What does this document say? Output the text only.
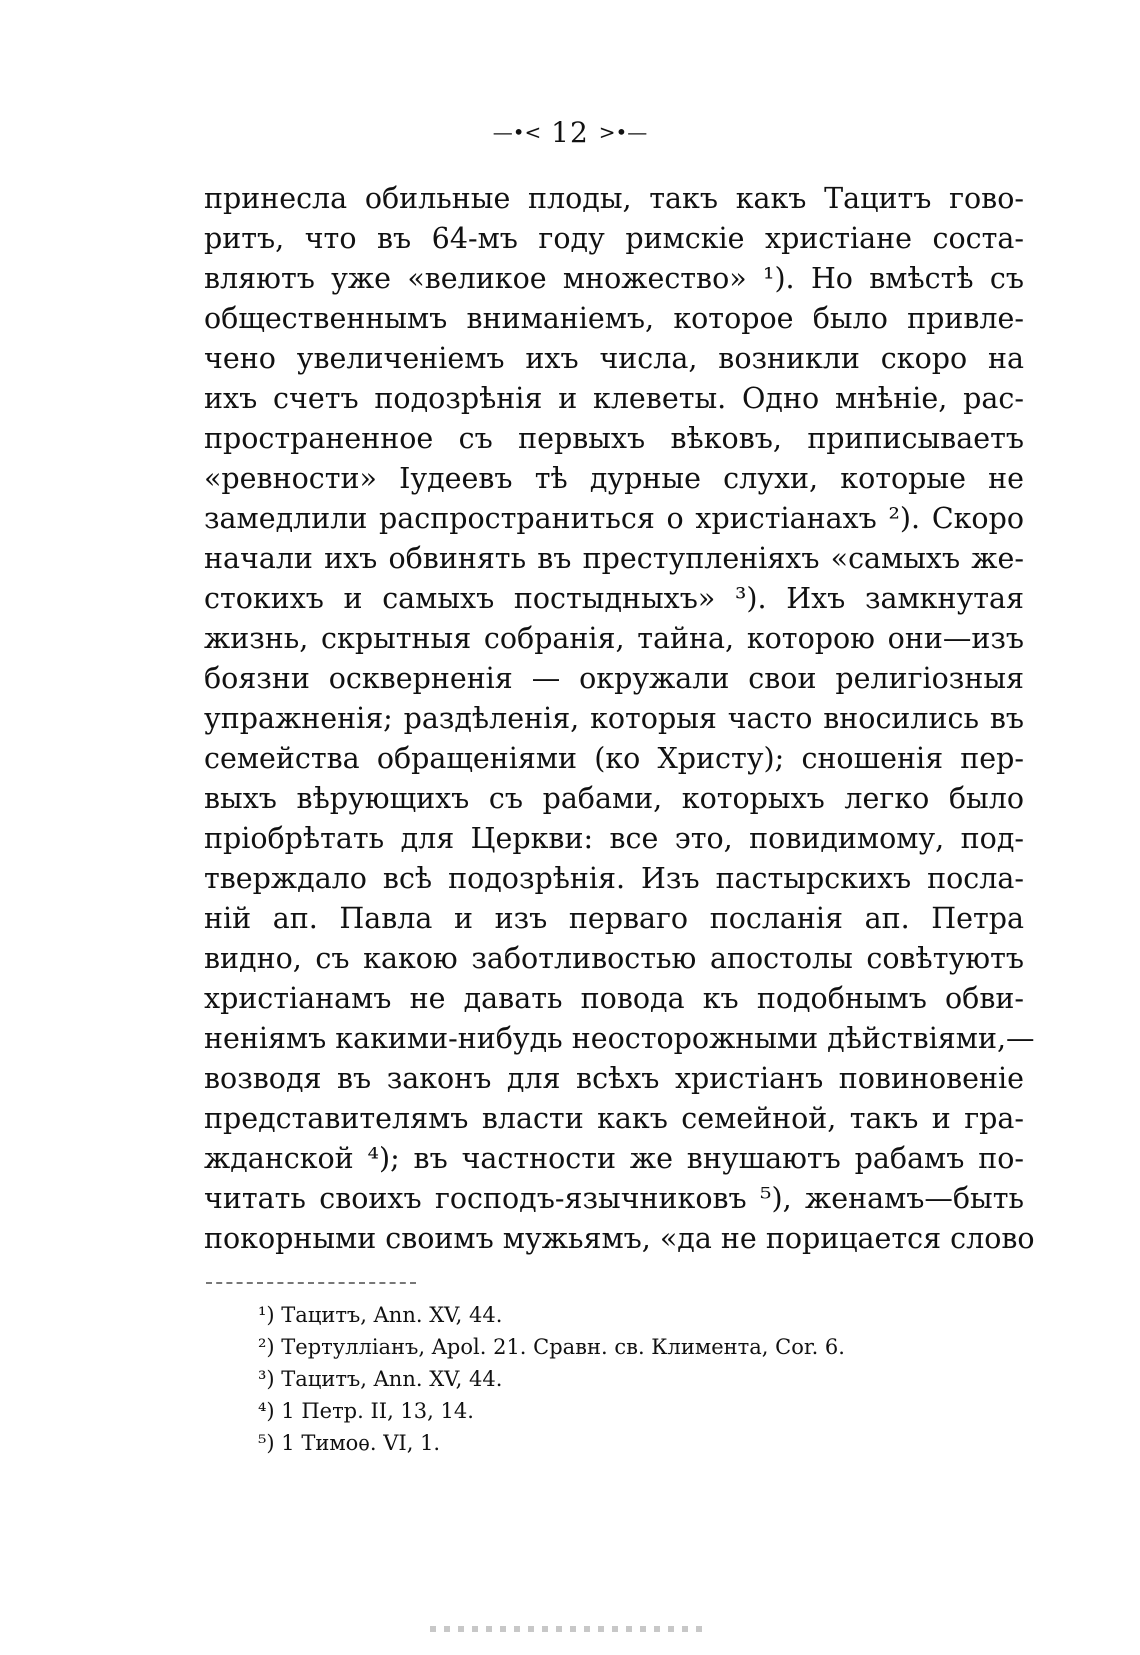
—•< 12 >•—
принесла обильные плоды, такъ какъ Тацитъ гово-
ритъ, что въ 64-мъ году римскіе христіане соста-
вляютъ уже «великое множество» ¹). Но вмѣстѣ съ
общественнымъ вниманіемъ, которое было привле-
чено увеличеніемъ ихъ числа, возникли скоро на
ихъ счетъ подозрѣнія и клеветы. Одно мнѣніе, рас-
пространенное съ первыхъ вѣковъ, приписываетъ
«ревности» Іудеевъ тѣ дурные слухи, которые не
замедлили распространиться о христіанахъ ²). Скоро
начали ихъ обвинять въ преступленіяхъ «самыхъ же-
стокихъ и самыхъ постыдныхъ» ³). Ихъ замкнутая
жизнь, скрытныя собранія, тайна, которою они—изъ
боязни оскверненія — окружали свои религіозныя
упражненія; раздѣленія, которыя часто вносились въ
семейства обращеніями (ко Христу); сношенія пер-
выхъ вѣрующихъ съ рабами, которыхъ легко было
пріобрѣтать для Церкви: все это, повидимому, под-
тверждало всѣ подозрѣнія. Изъ пастырскихъ посла-
ній ап. Павла и изъ перваго посланія ап. Петра
видно, съ какою заботливостью апостолы совѣтуютъ
христіанамъ не давать повода къ подобнымъ обви-
неніямъ какими-нибудь неосторожными дѣйствіями,—
возводя въ законъ для всѣхъ христіанъ повиновеніе
представителямъ власти какъ семейной, такъ и гра-
жданской ⁴); въ частности же внушаютъ рабамъ по-
читать своихъ господъ-язычниковъ ⁵), женамъ—быть
покорными своимъ мужьямъ, «да не порицается слово
¹) Тацитъ, Ann. XV, 44.
²) Тертулліанъ, Apol. 21. Сравн. св. Климента, Cor. 6.
³) Тацитъ, Ann. XV, 44.
⁴) 1 Петр. II, 13, 14.
⁵) 1 Тимоѳ. VI, 1.
